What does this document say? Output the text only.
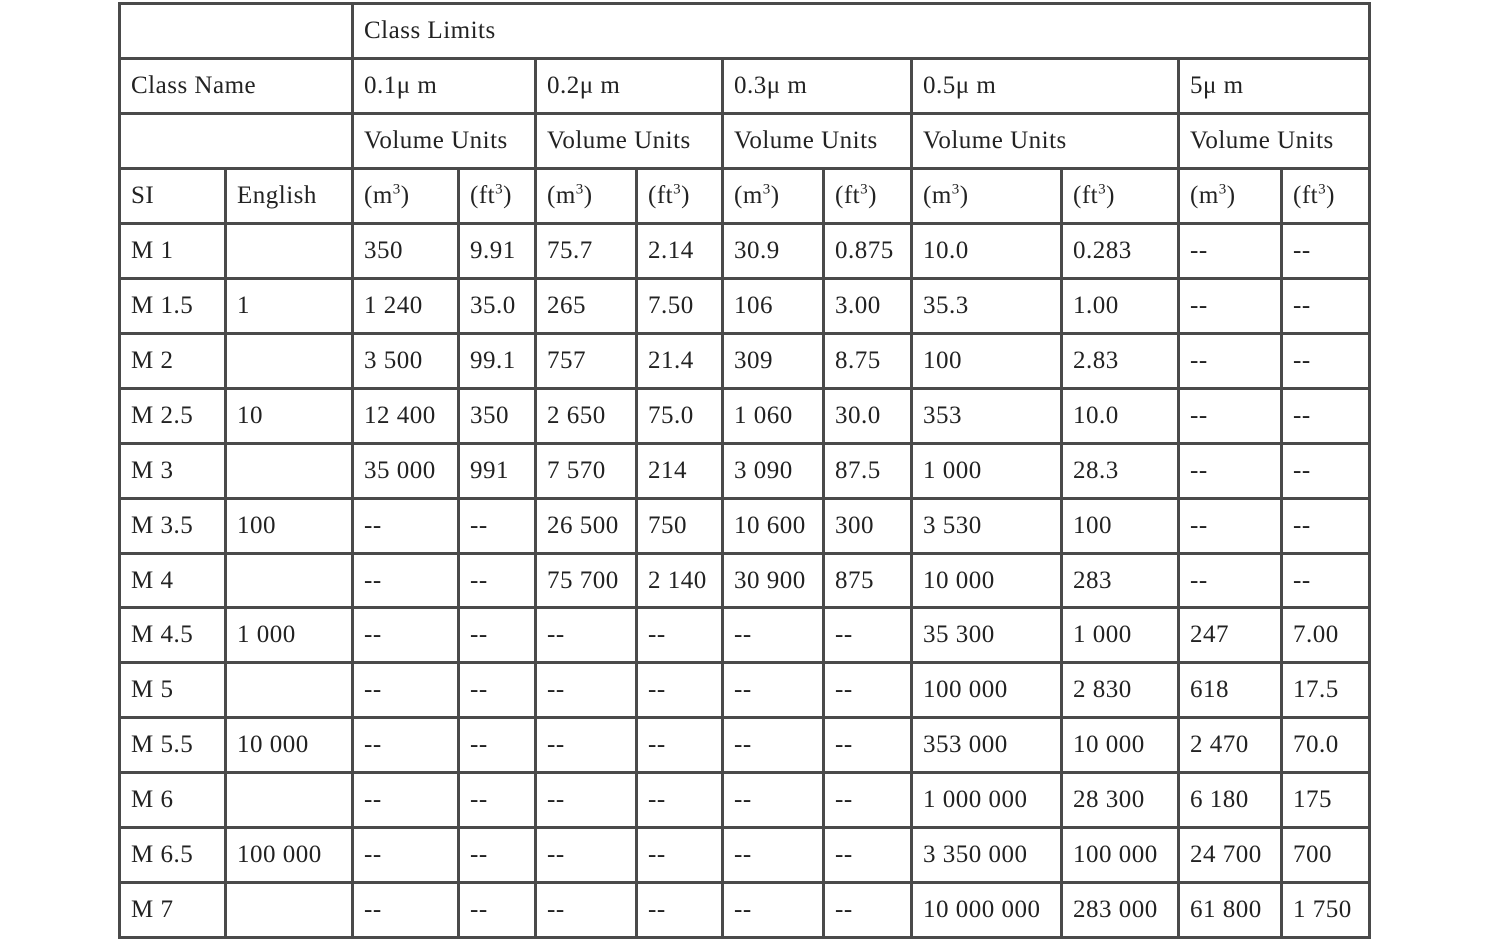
		Class Limits									
Class Name		0.1μ m		0.2μ m		0.3μ m		0.5μ m		5μ m	
		Volume Units		Volume Units		Volume Units		Volume Units		Volume Units	
SI	English	$(m^3)$	$(ft^3)$	$(m^3)$	$(ft^3)$	$(m^3)$	$(ft^3)$	$(m^3)$	$(ft^3)$	$(m^3)$	$(ft^3)$
M 1		350	9.91	75.7	2.14	30.9	0.875	10.0	0.283	--	--
M 1.5	1	1 240	35.0	265	7.50	106	3.00	35.3	1.00	--	--
M 2		3 500	99.1	757	21.4	309	8.75	100	2.83	--	--
M 2.5	10	12 400	350	2 650	75.0	1 060	30.0	353	10.0	--	--
M 3		35 000	991	7 570	214	3 090	87.5	1 000	28.3	--	--
M 3.5	100	--	--	26 500	750	10 600	300	3 530	100	--	--
M 4		--	--	75 700	2 140	30 900	875	10 000	283	--	--
M 4.5	1 000	--	--	--	--	--	--	35 300	1 000	247	7.00
M 5		--	--	--	--	--	--	100 000	2 830	618	17.5
M 5.5	10 000	--	--	--	--	--	--	353 000	10 000	2 470	70.0
M 6		--	--	--	--	--	--	1 000 000	28 300	6 180	175
M 6.5	100 000	--	--	--	--	--	--	3 350 000	100 000	24 700	700
M 7		--	--	--	--	--	--	10 000 000	283 000	61 800	1 750
